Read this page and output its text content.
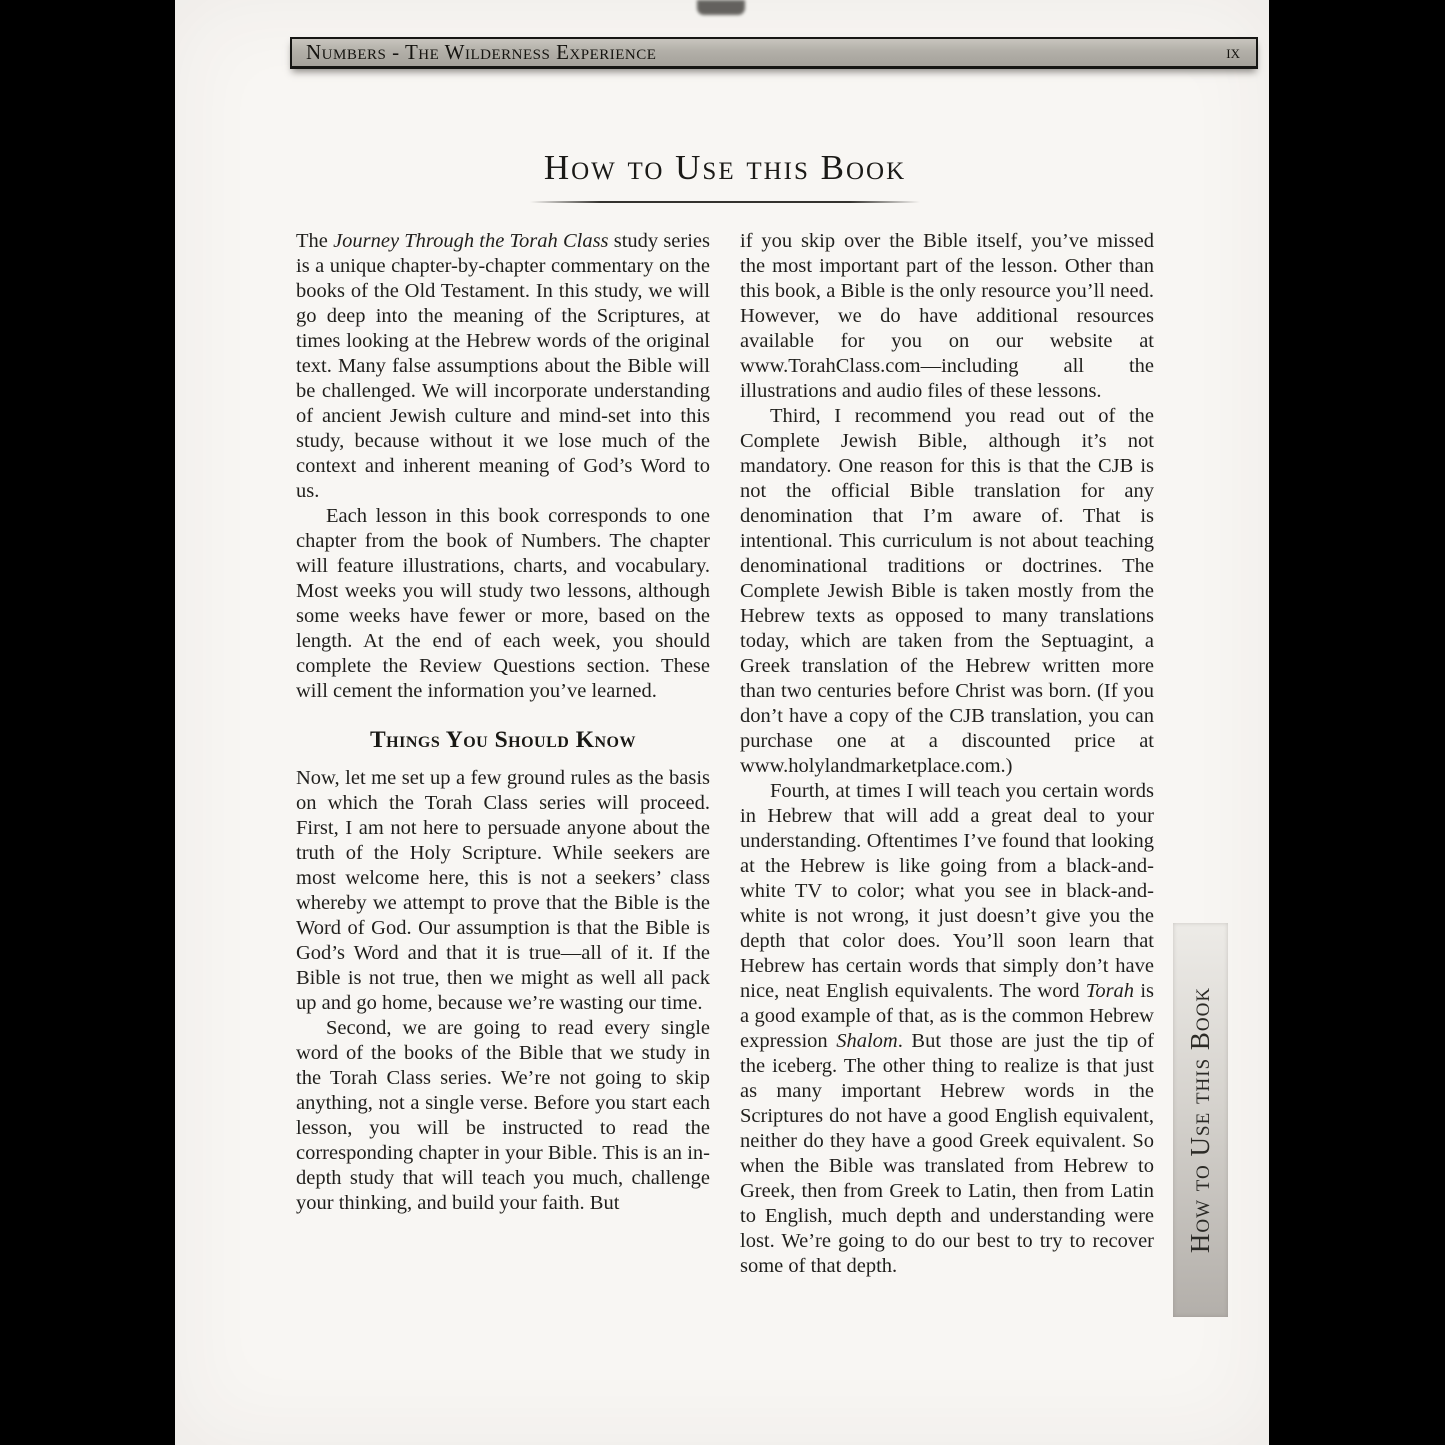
Numbers - The Wilderness Experience	ix
How to Use this Book

The Journey Through the Torah Class study series is a unique chapter-by-chapter commentary on the books of the Old Testament. In this study, we will go deep into the meaning of the Scriptures, at times looking at the Hebrew words of the original text. Many false assumptions about the Bible will be challenged. We will incorporate understanding of ancient Jewish culture and mind-set into this study, because without it we lose much of the context and inherent meaning of God’s Word to us.

Each lesson in this book corresponds to one chapter from the book of Numbers. The chapter will feature illustrations, charts, and vocabulary. Most weeks you will study two lessons, although some weeks have fewer or more, based on the length. At the end of each week, you should complete the Review Questions section. These will cement the information you’ve learned.

Things You Should Know

Now, let me set up a few ground rules as the basis on which the Torah Class series will proceed. First, I am not here to persuade anyone about the truth of the Holy Scripture. While seekers are most welcome here, this is not a seekers’ class whereby we attempt to prove that the Bible is the Word of God. Our assumption is that the Bible is God’s Word and that it is true—all of it. If the Bible is not true, then we might as well all pack up and go home, because we’re wasting our time.

Second, we are going to read every single word of the books of the Bible that we study in the Torah Class series. We’re not going to skip anything, not a single verse. Before you start each lesson, you will be instructed to read the corresponding chapter in your Bible. This is an in-depth study that will teach you much, challenge your thinking, and build your faith. But

if you skip over the Bible itself, you’ve missed the most important part of the lesson. Other than this book, a Bible is the only resource you’ll need. However, we do have additional resources available for you on our website at www.TorahClass.com—including all the illustrations and audio files of these lessons.

Third, I recommend you read out of the Complete Jewish Bible, although it’s not mandatory. One reason for this is that the CJB is not the official Bible translation for any denomination that I’m aware of. That is intentional. This curriculum is not about teaching denominational traditions or doctrines. The Complete Jewish Bible is taken mostly from the Hebrew texts as opposed to many translations today, which are taken from the Septuagint, a Greek translation of the Hebrew written more than two centuries before Christ was born. (If you don’t have a copy of the CJB translation, you can purchase one at a discounted price at www.holylandmarketplace.com.)

Fourth, at times I will teach you certain words in Hebrew that will add a great deal to your understanding. Oftentimes I’ve found that looking at the Hebrew is like going from a black-and-white TV to color; what you see in black-and-white is not wrong, it just doesn’t give you the depth that color does. You’ll soon learn that Hebrew has certain words that simply don’t have nice, neat English equivalents. The word Torah is a good example of that, as is the common Hebrew expression Shalom. But those are just the tip of the iceberg. The other thing to realize is that just as many important Hebrew words in the Scriptures do not have a good English equivalent, neither do they have a good Greek equivalent. So when the Bible was translated from Hebrew to Greek, then from Greek to Latin, then from Latin to English, much depth and understanding were lost. We’re going to do our best to try to recover some of that depth.

How to Use this Book
